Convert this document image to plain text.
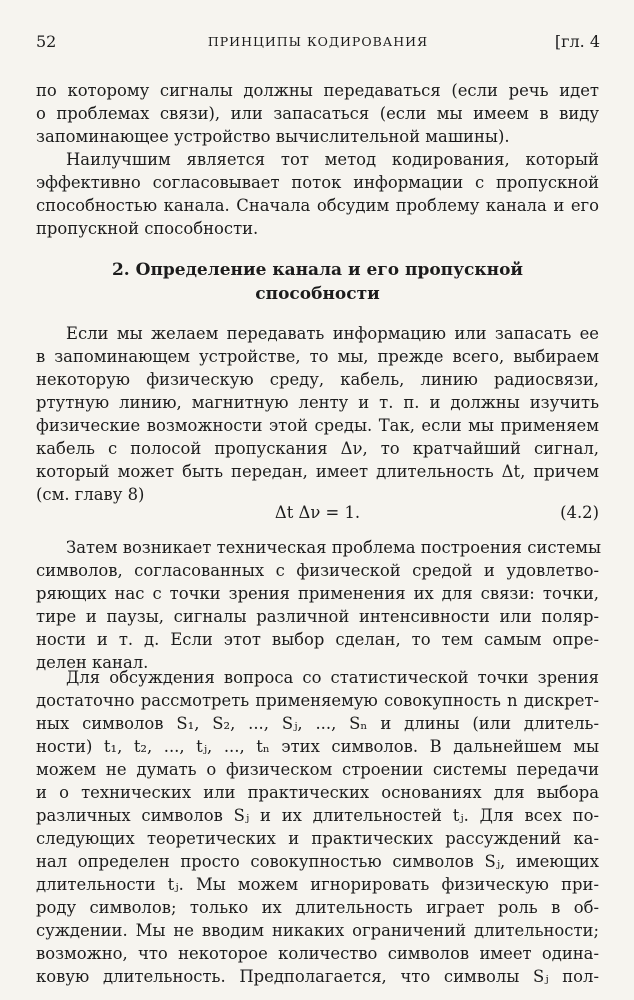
52	ПРИНЦИПЫ КОДИРОВАНИЯ	[гл. 4
по которому сигналы должны передаваться (если речь идет
о проблемах связи), или запасаться (если мы имеем в виду
запоминающее устройство вычислительной машины).
Наилучшим является тот метод кодирования, который
эффективно согласовывает поток информации с пропускной
способностью канала. Сначала обсудим проблему канала и его
пропускной способности.
2. Определение канала и его пропускной
способности
Если мы желаем передавать информацию или запасать ее
в запоминающем устройстве, то мы, прежде всего, выбираем
некоторую физическую среду, кабель, линию радиосвязи,
ртутную линию, магнитную ленту и т. п. и должны изучить
физические возможности этой среды. Так, если мы применяем
кабель с полосой пропускания Δν, то кратчайший сигнал,
который может быть передан, имеет длительность Δt, причем
(см. главу 8)
Δt Δν = 1.	(4.2)
Затем возникает техническая проблема построения системы
символов, согласованных с физической средой и удовлетво-
ряющих нас с точки зрения применения их для связи: точки,
тире и паузы, сигналы различной интенсивности или поляр-
ности и т. д. Если этот выбор сделан, то тем самым опре-
делен канал.
Для обсуждения вопроса со статистической точки зрения
достаточно рассмотреть применяемую совокупность n дискрет-
ных символов S₁, S₂, ..., Sⱼ, ..., Sₙ и длины (или длитель-
ности) t₁, t₂, ..., tⱼ, ..., tₙ этих символов. В дальнейшем мы
можем не думать о физическом строении системы передачи
и о технических или практических основаниях для выбора
различных символов Sⱼ и их длительностей tⱼ. Для всех по-
следующих теоретических и практических рассуждений ка-
нал определен просто совокупностью символов Sⱼ, имеющих
длительности tⱼ. Мы можем игнорировать физическую при-
роду символов; только их длительность играет роль в об-
суждении. Мы не вводим никаких ограничений длительности;
возможно, что некоторое количество символов имеет одина-
ковую длительность. Предполагается, что символы Sⱼ пол-
